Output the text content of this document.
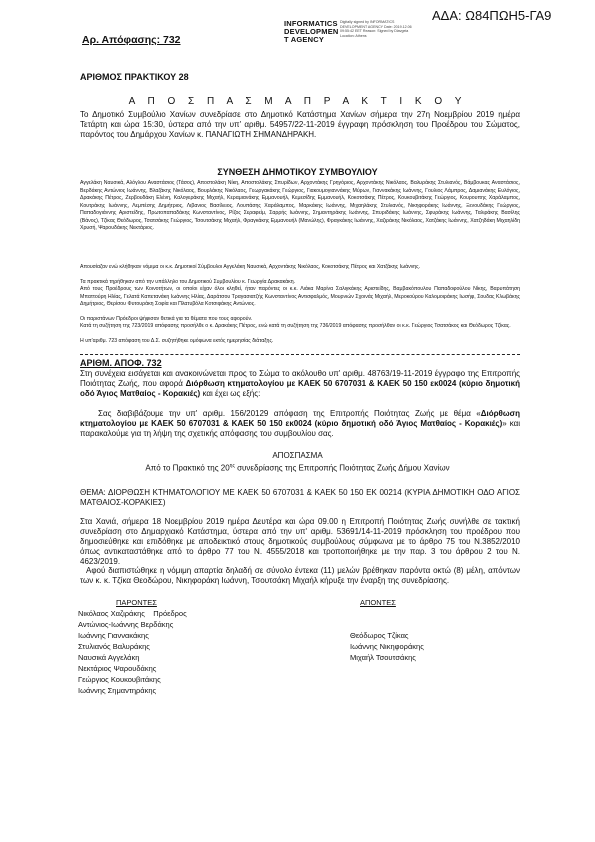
ΑΔΑ: Ω84ΠΩΗ5-ΓΑ9
Αρ. Απόφασης: 732
INFORMATICS
DEVELOPMEN
T AGENCY
Digitally signed by INFORMATICS DEVELOPMENT AGENCY Date: 2019.12.06 09:55:42 EET Reason: Signed by Diavgeia Location: Athens
ΑΡΙΘΜΟΣ ΠΡΑΚΤΙΚΟΥ 28
Α Π Ο Σ Π Α Σ Μ Α Π Ρ Α Κ Τ Ι Κ Ο Υ
Το Δημοτικό Συμβούλιο Χανίων συνεδρίασε στο Δημοτικό Κατάστημα Χανίων σήμερα την 27η Νοεμβρίου 2019 ημέρα Τετάρτη και ώρα 15:30, ύστερα από την υπ' αριθμ. 54957/22-11-2019 έγγραφη πρόσκληση του Προέδρου του Σώματος, παρόντος του Δημάρχου Χανίων κ. ΠΑΝΑΓΙΩΤΗ ΣΗΜΑΝΔΗΡΑΚΗ.
ΣΥΝΘΕΣΗ ΔΗΜΟΤΙΚΟΥ ΣΥΜΒΟΥΛΙΟΥ
Αγγελάκη Ναυσικά, Αλόγλου Αναστάσιος (Τάσος), Αποστολάκη Νίκη, Αποστολάκης Σπυρίδων, Αρχοντάκης Γρηγόριος, Αρχοντάκης Νικόλαος, Βαλυράκης Στυλιανός, Βάμβουκας Αναστάσιος, Βερδάκης Αντώνιος Ιωάννης, Βλαζάκης Νικόλαος, Βουρλάκης Νικόλαος, Γεωργακάκης Γεώργιος, Γιακουμογιαννάκης Μύρων, Γιαννακάκης Ιωάννης, Γουλιος Λάμπρος, Δαμιανάκης Ευλόγιος, Δρακάκης Πέτρος, Ζερβουδάκη Ελένη, Καλογεράκης Μιχαήλ, Κεραμιανάκης Εμμανουήλ, Κεμεσίδης Εμμανουήλ, Κοκοτσάκης Πέτρος, Κουκουβιτάκης Γεώργιος, Κουρουπης Χαράλαμπος, Κουτράκης Ιωάννης, Λεμπέσης Δημήτριος, Λιβανιος Βασίλειος, Λουπάσης Χαράλαμπος, Μαρκάκης Ιωάννης, Μιχαηλάκης Στυλιανός, Νικηφοράκης Ιωάννης, Ξενουδάκης Γεώργιος, Παπαδογιάννης Αριστείδης, Πρωτοπαπαδάκης Κωνσταντίνος, Ρίζος Σεραφείμ, Σαρρής Ιωάννης, Σημαντηράκης Ιωάννης, Σπυριδάκης Ιωάννης, Σφυράκης Ιωάννης, Ταλιράκης Βασίλης (Βάνος), Τζίκας Θεόδωρος, Τσατσάκης Γεώργιος, Τσουτσάκης Μιχαήλ, Φραγκάκης Εμμανουήλ (Μανώλης), Φραγκάκης Ιωάννης, Χαζιράκης Νικόλαος, Χατζάκης Ιωάννης, Χατζηδάκη Μιχαηλίδη Χρυσή, Ψαρουδάκης Νεκτάριος.
Απουσίαζαν ενώ κλήθηκαν νόμιμα οι κ.κ. Δημοτικοί Σύμβουλοι Αγγελάκη Ναυσικά, Αρχοντάκης Νικόλαος, Κοκοτσάκης Πέτρος και Χατζάκης Ιωάννης.
Τα πρακτικά τηρήθηκαν από την υπάλληλο του Δημοτικού Συμβουλίου κ. Γεωργία Δρακακάκη.
Από τους Προέδρους των Κοινοτήτων, οι οποίοι είχαν όλοι κληθεί, ήταν παρόντες οι κ.κ. Λιάκα Μαρίνα Σαλιγκάκης Αριστείδης, Βαμβακόπουλου Παπαδοφούλου Νίκης, Βαρυπάτηση Μπαττούρη Ηλίας, Γελατά Καπετανάκη Ιωάννης Ηλίας, Δαράτσου Τραγασιατζής Κωνσταντίνος Αντισφαλμός, Μουρνιών Σχοινάς Μιχαήλ, Μεροκούρου Καλομοιράκης Ιωσήφ, Σουδας Κλωβάκης Δημήτριος, Θερίσου Φυτουράκη Σοφία και Πλατυβόλα Κοτσιφάκης Αντώνιος.
Οι παριστάνων Πρόεδροι ψήφισαν θετικά για τα θέματα που τους αφορούν.
Κατά τη συζήτηση της 723/2019 απόφασης προσήλθε ο κ. Δρακάκης Πέτρος, ενώ κατά τη συζήτηση της 736/2019 απόφασης προσήλθαν οι κ.κ. Γεώργιος Τσατσάκος και Θεόδωρος Τζίκας.
Η υπ'αριθμ. 723 απόφαση του Δ.Σ. συζητήθηκε ομόφωνα εκτός ημερησίας διάταξης.
ΑΡΙΘΜ. ΑΠΟΦ. 732
Στη συνέχεια εισάγεται και ανακοινώνεται προς το Σώμα το ακόλουθο υπ' αριθμ. 48763/19-11-2019 έγγραφο της Επιτροπής Ποιότητας Ζωής, που αφορά Διόρθωση κτηματολογίου με ΚΑΕΚ 50 6707031 & ΚΑΕΚ 50 150 εκ0024 (κύριο δημοτική οδό Άγιος Ματθαίος - Κορακιές) και έχει ως εξής:
Σας διαβιβάζουμε την υπ' αριθμ. 156/20129 απόφαση της Επιτροπής Ποιότητας Ζωής με θέμα «Διόρθωση κτηματολογίου με ΚΑΕΚ 50 6707031 & ΚΑΕΚ 50 150 εκ0024 (κύριο δημοτική οδό Άγιος Ματθαίος - Κορακιές)» και παρακαλούμε για τη λήψη της σχετικής απόφασης του συμβουλίου σας.
ΑΠΟΣΠΑΣΜΑ
Από το Πρακτικό της $20^{\eta\varsigma}$ συνεδρίασης της Επιτροπής Ποιότητας Ζωής Δήμου Χανίων
ΘΕΜΑ: ΔΙΟΡΘΩΣΗ ΚΤΗΜΑΤΟΛΟΓΙΟΥ ΜΕ ΚΑΕΚ 50 6707031 & ΚΑΕΚ 50 150 ΕΚ 00214 (ΚΥΡΙΑ ΔΗΜΟΤΙΚΗ ΟΔΟ ΑΓΙΟΣ ΜΑΤΘΑΙΟΣ-ΚΟΡΑΚΙΕΣ)
Στα Χανιά, σήμερα 18 Νοεμβρίου 2019 ημέρα Δευτέρα και ώρα 09.00 η Επιτροπή Ποιότητας Ζωής συνήλθε σε τακτική συνεδρίαση στο Δημαρχιακό Κατάστημα, ύστερα από την υπ' αριθμ. 53691/14-11-2019 πρόσκληση του προέδρου που δημοσιεύθηκε και επιδόθηκε με αποδεικτικό στους δημοτικούς συμβούλους σύμφωνα με το άρθρο 75 του Ν.3852/2010 όπως αντικαταστάθηκε από το άρθρο 77 του Ν. 4555/2018 και τροποποιήθηκε με την παρ. 3 του άρθρου 2 του Ν. 4623/2019.
Αφού διαπιστώθηκε η νόμιμη απαρτία δηλαδή σε σύνολο έντεκα (11) μελών βρέθηκαν παρόντα οκτώ (8) μέλη, απόντων των κ. κ. Τζίκα Θεοδώρου, Νικηφοράκη Ιωάννη, Τσουτσάκη Μιχαήλ κήρυξε την έναρξη της συνεδρίασης.
ΠΑΡΟΝΤΕΣ	ΑΠΟΝΤΕΣ
Νικόλαος Χαζιράκης    Πρόεδρος
Αντώνιος-Ιωάννης Βερδάκης
Ιωάννης Γιαννακάκης
Στυλιανός Βαλυράκης
Ναυσικά Αγγελάκη
Νεκτάριος Ψαρουδάκης
Γεώργιος Κουκουβιτάκης
Ιωάννης Σημαντηράκης
Θεόδωρος Τζίκας
Ιωάννης Νικηφοράκης
Μιχαήλ Τσουτσάκης
